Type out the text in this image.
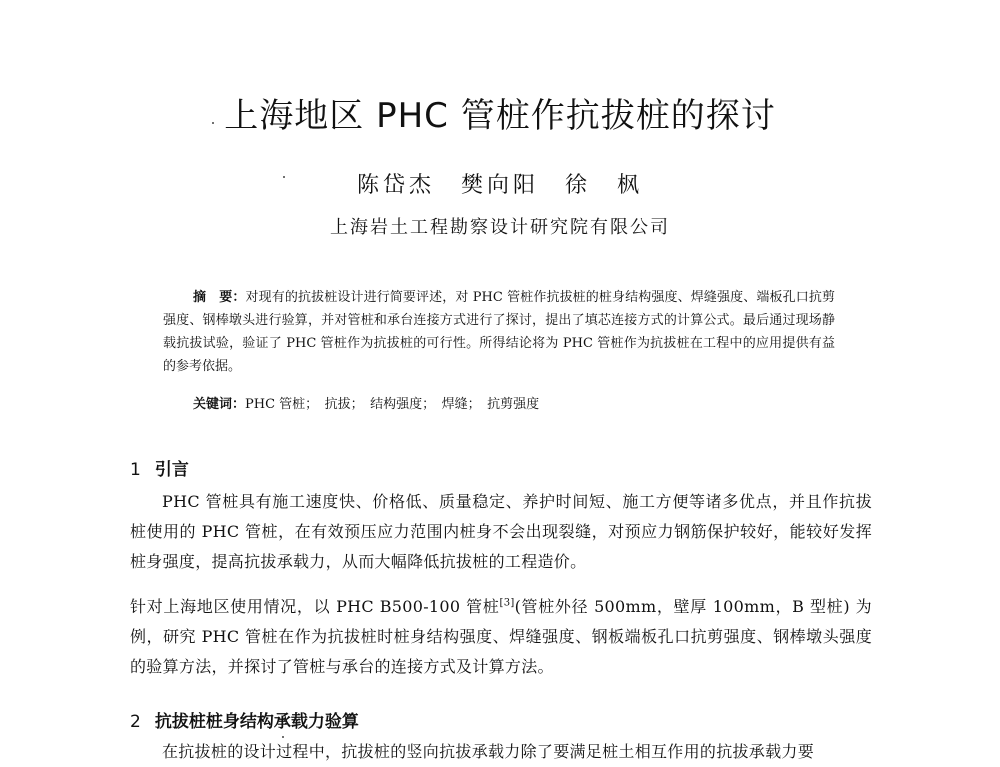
上海地区 PHC 管桩作抗拔桩的探讨
陈岱杰　樊向阳　徐　枫
上海岩土工程勘察设计研究院有限公司
摘　要：对现有的抗拔桩设计进行简要评述，对 PHC 管桩作抗拔桩的桩身结构强度、焊缝强度、端板孔口抗剪强度、钢棒墩头进行验算，并对管桩和承台连接方式进行了探讨，提出了填芯连接方式的计算公式。最后通过现场静载抗拔试验，验证了 PHC 管桩作为抗拔桩的可行性。所得结论将为 PHC 管桩作为抗拔桩在工程中的应用提供有益的参考依据。
关键词：PHC 管桩；　抗拔；　结构强度；　焊缝；　抗剪强度
1 引言
PHC 管桩具有施工速度快、价格低、质量稳定、养护时间短、施工方便等诸多优点，并且作抗拔桩使用的 PHC 管桩，在有效预压应力范围内桩身不会出现裂缝，对预应力钢筋保护较好，能较好发挥桩身强度，提高抗拔承载力，从而大幅降低抗拔桩的工程造价。
针对上海地区使用情况，以 PHC B500-100 管桩[3](管桩外径 500mm，壁厚 100mm，B 型桩) 为例，研究 PHC 管桩在作为抗拔桩时桩身结构强度、焊缝强度、钢板端板孔口抗剪强度、钢棒墩头强度的验算方法，并探讨了管桩与承台的连接方式及计算方法。
2 抗拔桩桩身结构承载力验算
在抗拔桩的设计过程中，抗拔桩的竖向抗拔承载力除了要满足桩土相互作用的抗拔承载力要
